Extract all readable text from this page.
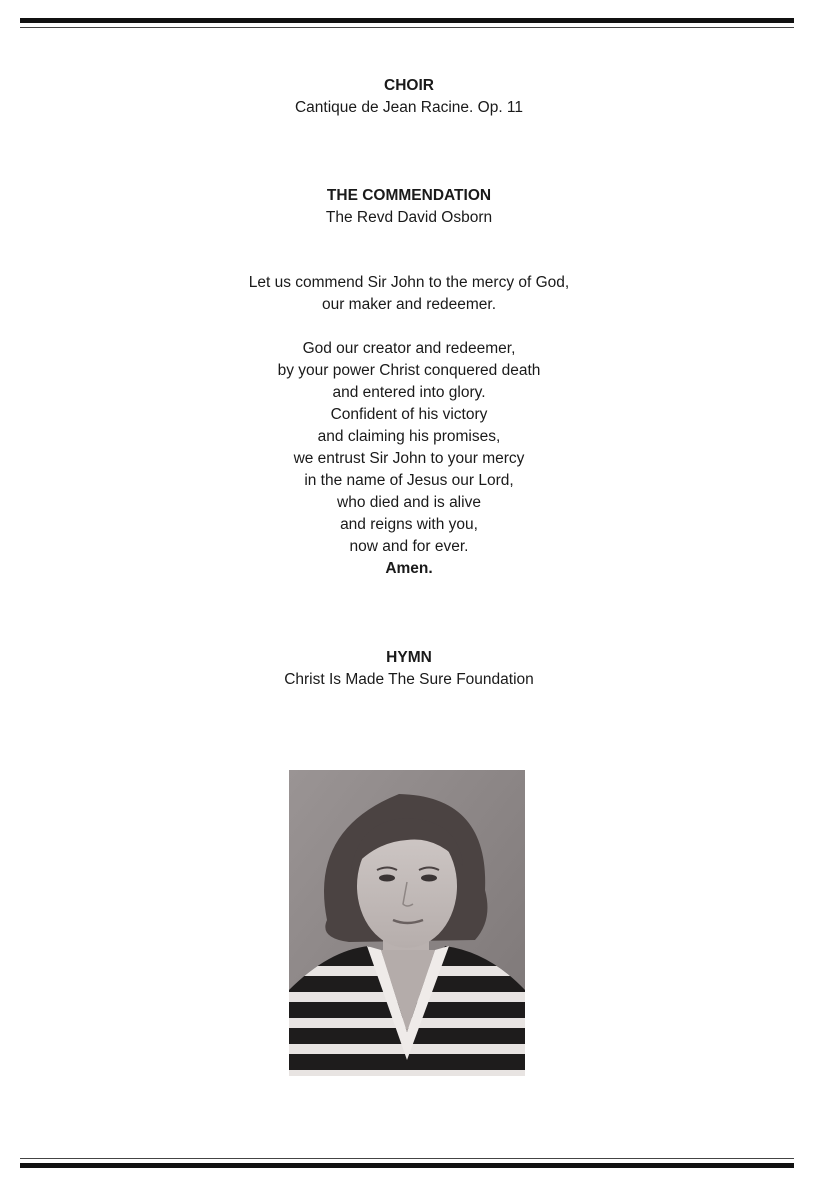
CHOIR
Cantique de Jean Racine. Op. 11
THE COMMENDATION
The Revd David Osborn
Let us commend Sir John to the mercy of God,
our maker and redeemer.
God our creator and redeemer,
by your power Christ conquered death
and entered into glory.
Confident of his victory
and claiming his promises,
we entrust Sir John to your mercy
in the name of Jesus our Lord,
who died and is alive
and reigns with you,
now and for ever.
Amen.
HYMN
Christ Is Made The Sure Foundation
